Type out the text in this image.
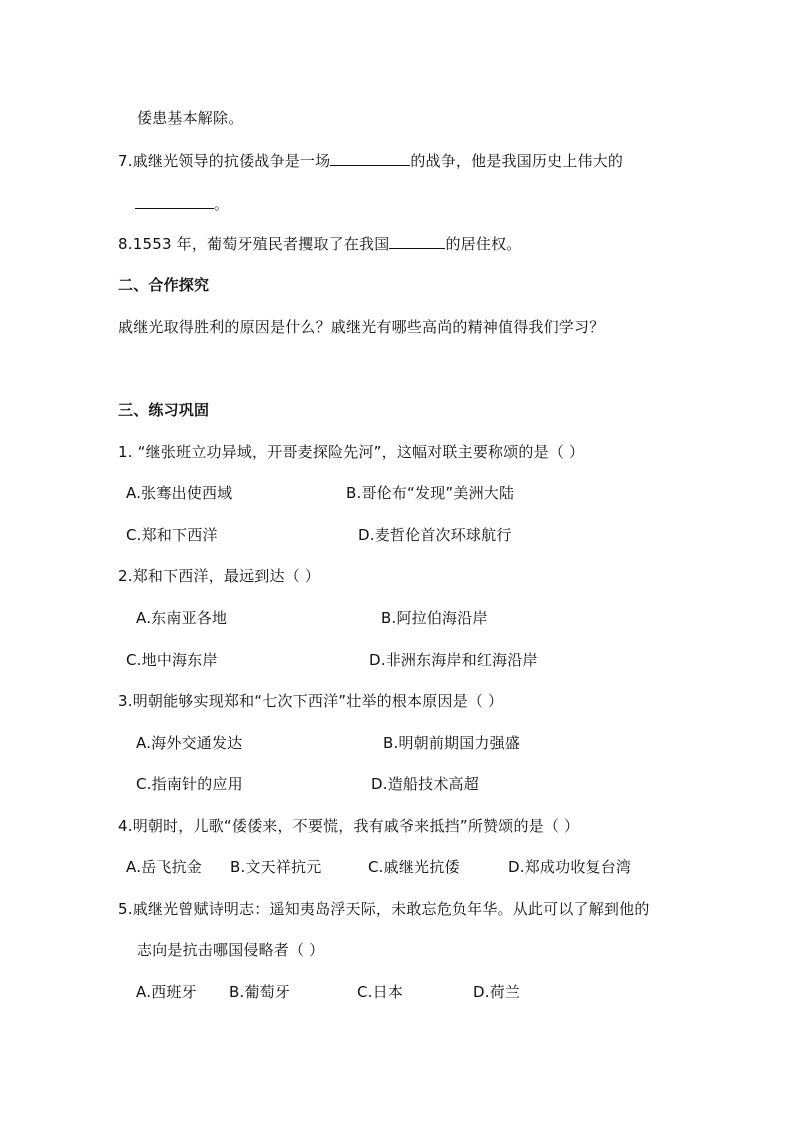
倭患基本解除。
7.戚继光领导的抗倭战争是一场	的战争，他是我国历史上伟大的
。
8.1553 年，葡萄牙殖民者攫取了在我国	的居住权。
二、合作探究
戚继光取得胜利的原因是什么？戚继光有哪些高尚的精神值得我们学习？
三、练习巩固
1. “继张班立功异域，开哥麦探险先河”，这幅对联主要称颂的是（ ）
A.张骞出使西域	B.哥伦布“发现”美洲大陆
C.郑和下西洋	D.麦哲伦首次环球航行
2.郑和下西洋，最远到达（ ）
A.东南亚各地	B.阿拉伯海沿岸
C.地中海东岸	D.非洲东海岸和红海沿岸
3.明朝能够实现郑和“七次下西洋”壮举的根本原因是（ ）
A.海外交通发达	B.明朝前期国力强盛
C.指南针的应用	D.造船技术高超
4.明朝时，儿歌“倭倭来，不要慌，我有戚爷来抵挡”所赞颂的是（ ）
A.岳飞抗金 B.文天祥抗元	C.戚继光抗倭	D.郑成功收复台湾
5.戚继光曾赋诗明志：遥知夷岛浮天际，未敢忘危负年华。从此可以了解到他的
志向是抗击哪国侵略者（ ）
A.西班牙 B.葡萄牙	C.日本	D.荷兰
